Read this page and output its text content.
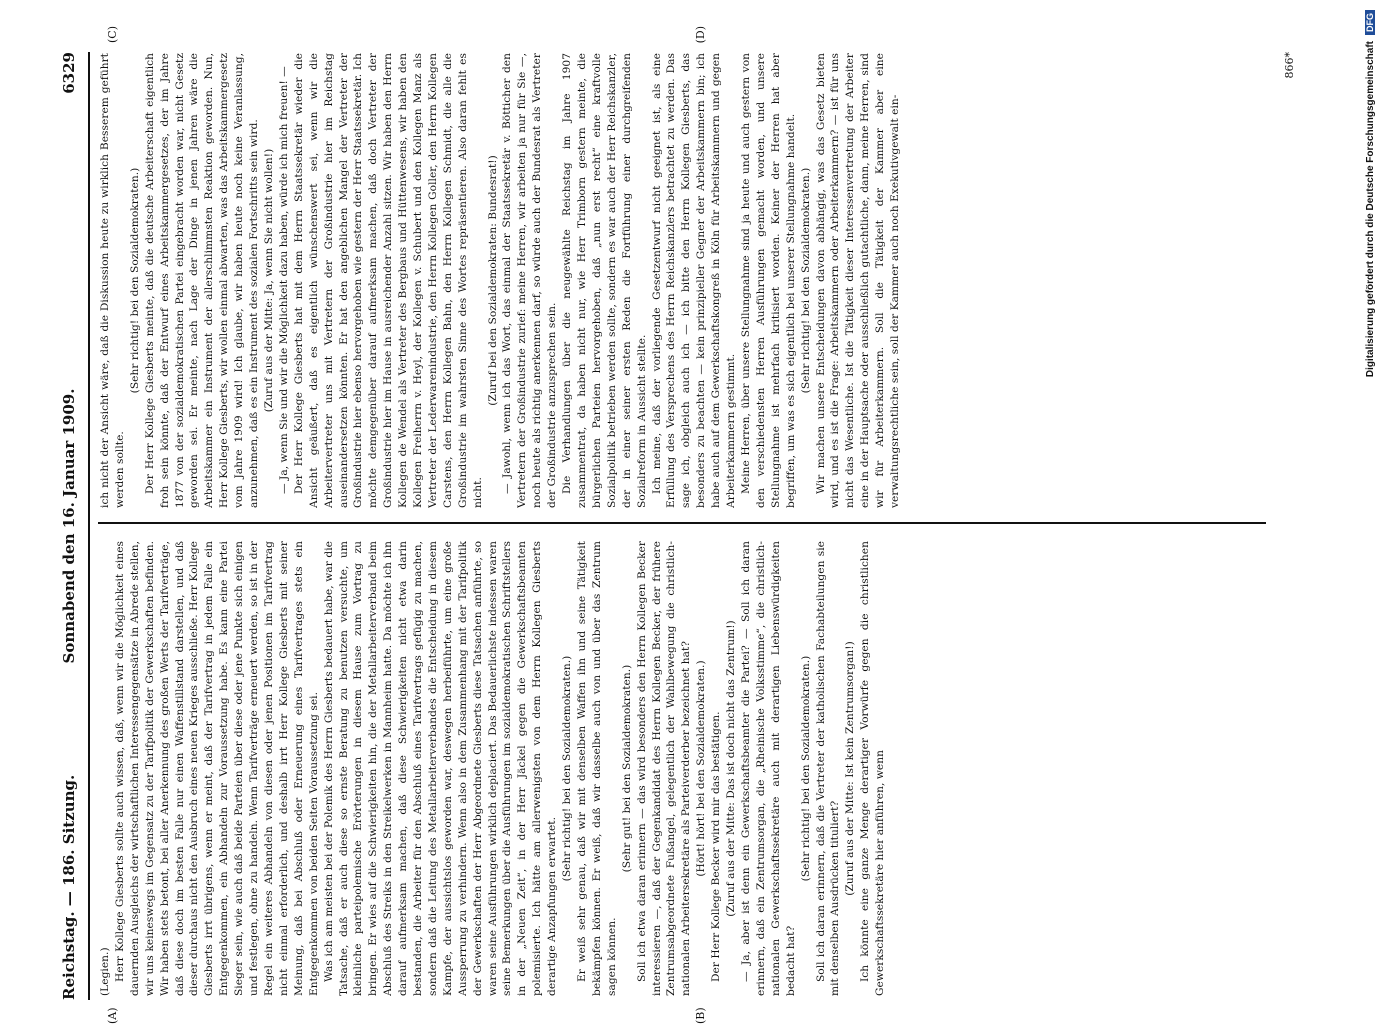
Reichstag. — 186. Sitzung.
Sonnabend den 16. Januar 1909.
6329
(A)	(B)
(C)	(D)

(Legien.) Herr Kollege Giesberts sollte auch wissen, daß, wenn wir die Möglichkeit eines dauernden Ausgleichs der wirtschaftlichen Interessengegensätze in Abrede stellen, wir uns keineswegs im Gegensatz zu der Tarifpolitik der Gewerkschaften befinden. Wir haben stets betont, bei aller Anerkennung des großen Werts der Tarifverträge, daß diese doch im besten Falle nur einen Waffenstillstand darstellen, und daß dieser durchaus nicht den Ausbruch eines neuen Krieges ausschließe. Herr Kollege Giesberts irrt übrigens, wenn er meint, daß der Tarifvertrag in jedem Falle ein Entgegenkommen, ein Abhandeln zur Voraussetzung habe. Es kann eine Partei Sieger sein, wie auch daß beide Parteien über diese oder jene Punkte sich einigen und festlegen, ohne zu handeln. Wenn Tarifverträge erneuert werden, so ist in der Regel ein weiteres Abhandeln von diesen oder jenen Positionen im Tarifvertrag nicht einmal erforderlich, und deshalb irrt Herr Kollege Giesberts mit seiner Meinung, daß bei Abschluß oder Erneuerung eines Tarifvertrages stets ein Entgegenkommen von beiden Seiten Voraussetzung sei. Was ich am meisten bei der Polemik des Herrn Giesberts bedauert habe, war die Tatsache, daß er auch diese so ernste Beratung zu benutzen versuchte, um kleinliche parteipolemische Erörterungen in diesem Hause zum Vortrag zu bringen. Er wies auf die Schwierigkeiten hin, die der Metallarbeiterverband beim Abschluß des Streiks in den Streikelwerken in Mannheim hatte. Da möchte ich ihn darauf aufmerksam machen, daß diese Schwierigkeiten nicht etwa darin bestanden, die Arbeiter für den Abschluß eines Tarifvertrags gefügig zu machen, sondern daß die Leitung des Metallarbeiterverbandes die Entscheidung in diesem Kampfe, der aussichtslos geworden war, deswegen herbeiführte, um eine große Aussperrung zu verhindern. Wenn also in dem Zusammenhang mit der Tarifpolitik der Gewerkschaften der Herr Abgeordnete Giesberts diese Tatsachen anführte, so waren seine Ausführungen wirklich deplaciert. Das Bedauerlichste indessen waren seine Bemerkungen über die Ausführungen im sozialdemokratischen Schriftstellers in der „Neuen Zeit“, in der Herr Jäckel gegen die Gewerkschaftsbeamten polemisierte. Ich hätte am allerwenigsten von dem Herrn Kollegen Giesberts derartige Anzapfungen erwartet.

(Sehr richtig! bei den Sozialdemokraten.) Er weiß sehr genau, daß wir mit denselben Waffen ihn und seine Tätigkeit bekämpfen können. Er weiß, daß wir dasselbe auch von und über das Zentrum sagen können.

(Sehr gut! bei den Sozialdemokraten.) Soll ich etwa daran erinnern — das wird besonders den Herrn Kollegen Becker interessieren —, daß der Gegenkandidat des Herrn Kollegen Becker, der frühere Zentrumsabgeordnete Fußangel, gelegentlich der Wahlbewegung die christlich-nationalen Arbeitersekretäre als Parteiverderber bezeichnet hat? (Hört! hört! bei den Sozialdemokraten.) Der Herr Kollege Becker wird mir das bestätigen. (Zuruf aus der Mitte: Das ist doch nicht das Zentrum!) — Ja, aber ist denn ein Gewerkschaftsbeamter die Partei? — Soll ich daran erinnern, daß ein Zentrumsorgan, die „Rheinische Volksstimme“, die christlich-nationalen Gewerkschaftssekretäre auch mit derartigen Liebenswürdigkeiten bedacht hat?

(Sehr richtig! bei den Sozialdemokraten.) Soll ich daran erinnern, daß die Vertreter der katholischen Fachabteilungen sie mit denselben Ausdrücken tituliert?

(Zuruf aus der Mitte: Ist kein Zentrumsorgan!) Ich könnte eine ganze Menge derartiger Vorwürfe gegen die christlichen Gewerkschaftssekretäre hier anführen, wenn

ich nicht der Ansicht wäre, daß die Diskussion heute zu wirklich Besserem geführt werden sollte.

(Sehr richtig! bei den Sozialdemokraten.) Der Herr Kollege Giesberts meinte, daß die deutsche Arbeiterschaft eigentlich froh sein könnte, daß der Entwurf eines Arbeitskammergesetzes, der im Jahre 1877 von der sozialdemokratischen Partei eingebracht worden war, nicht Gesetz geworden sei. Er meinte, nach Lage der Dinge in jenen Jahren wäre die Arbeitskammer ein Instrument der allerschlimmsten Reaktion geworden. Nun, Herr Kollege Giesberts, wir wollen einmal abwarten, was das Arbeitskammergesetz vom Jahre 1909 wird! Ich glaube, wir haben heute noch keine Veranlassung, anzunehmen, daß es ein Instrument des sozialen Fortschritts sein wird. (Zuruf aus der Mitte: Ja, wenn Sie nicht wollen!) — Ja, wenn Sie und wir die Möglichkeit dazu haben, würde ich mich freuen! — Der Herr Kollege Giesberts hat mit dem Herrn Staatssekretär wieder die Ansicht geäußert, daß es eigentlich wünschenswert sei, wenn wir die Arbeitervertreter uns mit Vertretern der Großindustrie hier im Reichstag auseinandersetzen könnten. Er hat den angeblichen Mangel der Vertreter der Großindustrie hier ebenso hervorgehoben wie gestern der Herr Staatssekretär. Ich möchte demgegenüber darauf aufmerksam machen, daß doch Vertreter der Großindustrie hier im Hause in ausreichender Anzahl sitzen. Wir haben den Herrn Kollegen de Wendel als Vertreter des Bergbaus und Hüttenwesens, wir haben den Kollegen Freiherrn v. Heyl, der Kollegen v. Schubert und den Kollegen Manz als Vertreter der Lederwarenindustrie, den Herrn Kollegen Goller, den Herrn Kollegen Carstens, den Herrn Kollegen Bahn, den Herrn Kollegen Schmidt, die alle die Großindustrie im wahrsten Sinne des Wortes repräsentieren. Also daran fehlt es nicht.

(Zuruf bei den Sozialdemokraten: Bundesrat!) — Jawohl, wenn ich das Wort, das einmal der Staatssekretär v. Bötticher den Vertretern der Großindustrie zurief: meine Herren, wir arbeiten ja nur für Sie —, noch heute als richtig anerkennen darf, so würde auch der Bundesrat als Vertreter der Großindustrie anzusprechen sein. Die Verhandlungen über die neugewählte Reichstag im Jahre 1907 zusammentrat, da haben nicht nur, wie Herr Trimborn gestern meinte, die bürgerlichen Parteien hervorgehoben, daß „nun erst recht“ eine kraftvolle Sozialpolitik betrieben werden sollte, sondern es war auch der Herr Reichskanzler, der in einer seiner ersten Reden die Fortführung einer durchgreifenden Sozialreform in Aussicht stellte. Ich meine, daß der vorliegende Gesetzentwurf nicht geeignet ist, als eine Erfüllung des Versprechens des Herrn Reichskanzlers betrachtet zu werden. Das sage ich, obgleich auch ich — ich bitte den Herrn Kollegen Giesberts, das besonders zu beachten — kein prinzipieller Gegner der Arbeitskammern bin; ich habe auch auf dem Gewerkschaftskongreß in Köln für Arbeitskammern und gegen Arbeiterkammern gestimmt. Meine Herren, über unsere Stellungnahme sind ja heute und auch gestern von den verschiedensten Herren Ausführungen gemacht worden, und unsere Stellungnahme ist mehrfach kritisiert worden. Keiner der Herren hat aber begriffen, um was es sich eigentlich bei unserer Stellungnahme handelt. (Sehr richtig! bei den Sozialdemokraten.) Wir machen unsere Entscheidungen davon abhängig, was das Gesetz bieten wird, und es ist die Frage: Arbeitskammern oder Arbeiterkammern? — ist für uns nicht das Wesentliche. Ist die Tätigkeit dieser Interessenvertretung der Arbeiter eine in der Hauptsache oder ausschließlich gutachtliche, dann, meine Herren, sind wir für Arbeiterkammern. Soll die Tätigkeit der Kammer aber eine verwaltungsrechtliche sein, soll der Kammer auch noch Exekutivgewalt ein-

866*	Digitalisierung gefördert durch die Deutsche Forschungsgemeinschaft
DFG
